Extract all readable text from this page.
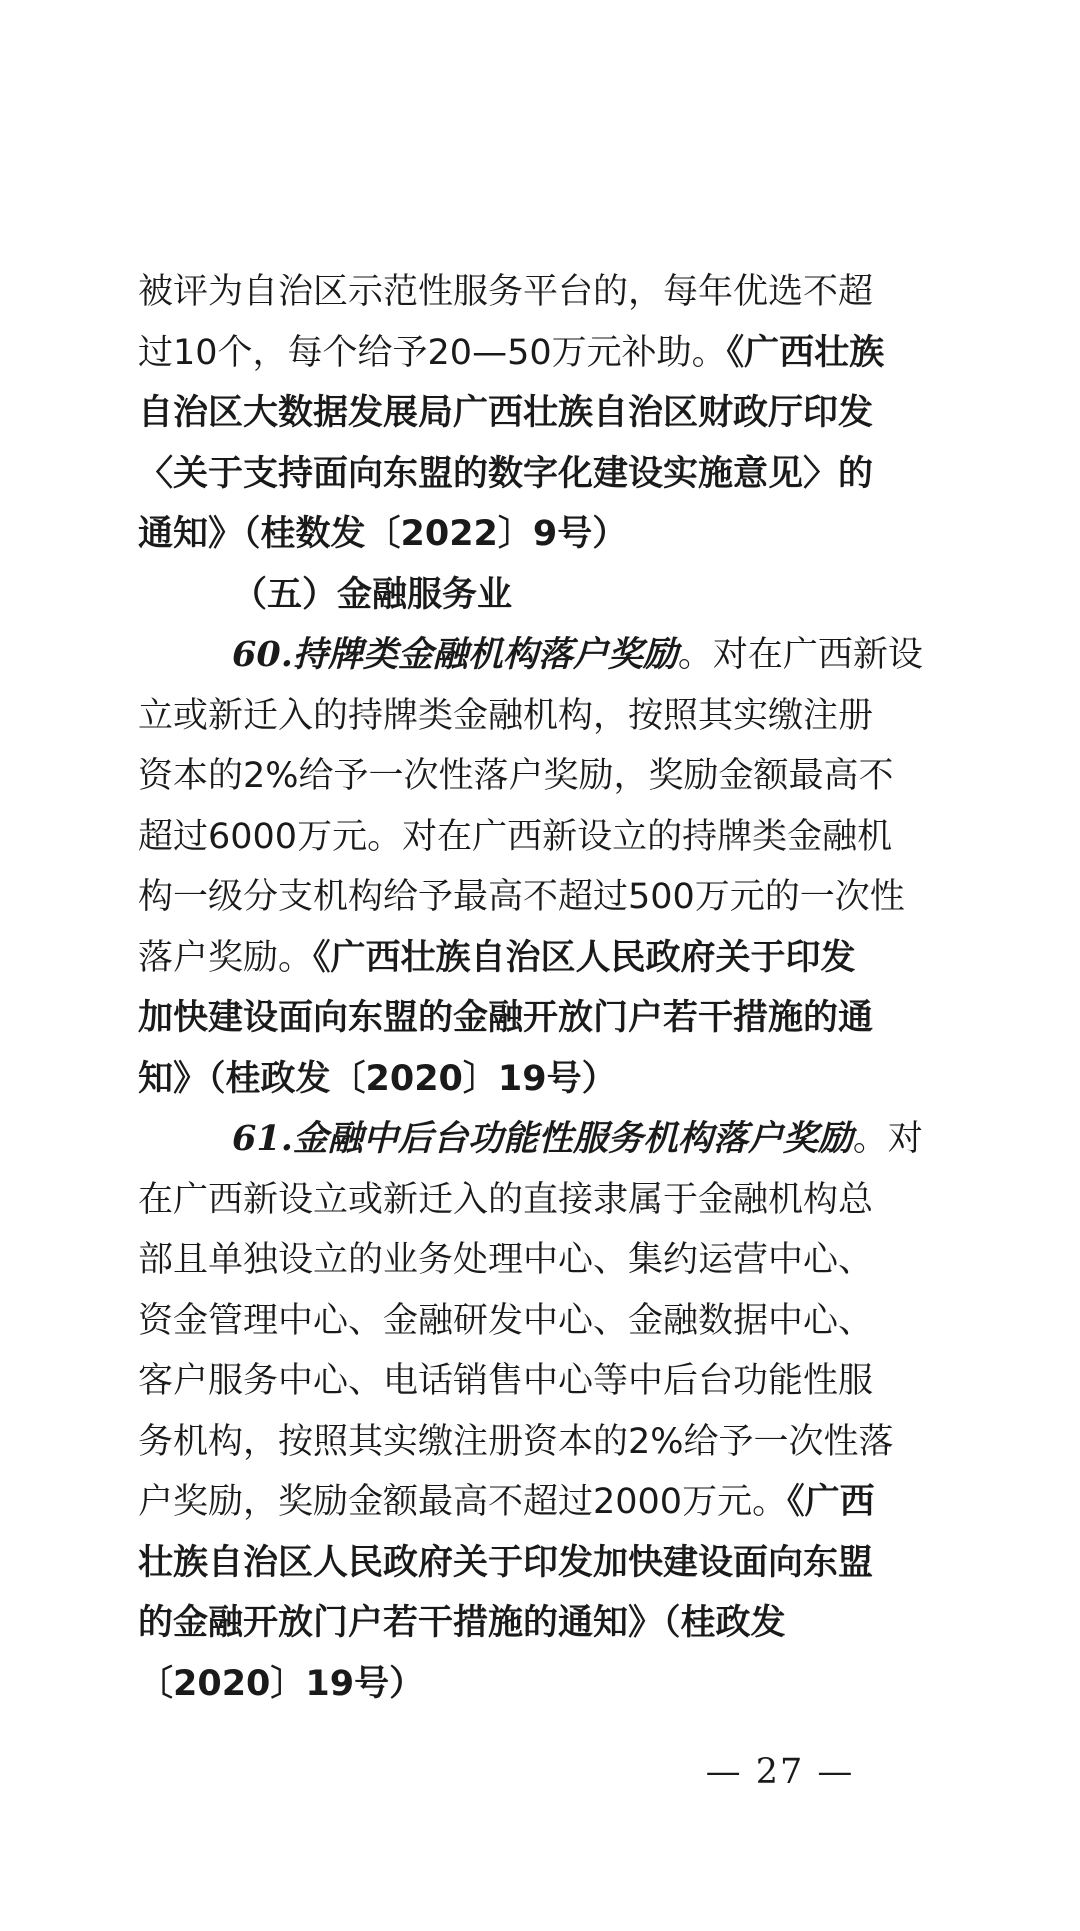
被评为自治区示范性服务平台的，每年优选不超
过10个，每个给予20—50万元补助。《广西壮族
自治区大数据发展局广西壮族自治区财政厅印发
〈关于支持面向东盟的数字化建设实施意见〉的
通知》（桂数发〔2022〕9号）
（五）金融服务业
60.持牌类金融机构落户奖励。对在广西新设
立或新迁入的持牌类金融机构，按照其实缴注册
资本的2%给予一次性落户奖励，奖励金额最高不
超过6000万元。对在广西新设立的持牌类金融机
构一级分支机构给予最高不超过500万元的一次性
落户奖励。《广西壮族自治区人民政府关于印发
加快建设面向东盟的金融开放门户若干措施的通
知》（桂政发〔2020〕19号）
61.金融中后台功能性服务机构落户奖励。对
在广西新设立或新迁入的直接隶属于金融机构总
部且单独设立的业务处理中心、集约运营中心、
资金管理中心、金融研发中心、金融数据中心、
客户服务中心、电话销售中心等中后台功能性服
务机构，按照其实缴注册资本的2%给予一次性落
户奖励，奖励金额最高不超过2000万元。《广西
壮族自治区人民政府关于印发加快建设面向东盟
的金融开放门户若干措施的通知》（桂政发
〔2020〕19号）
— 27 —
